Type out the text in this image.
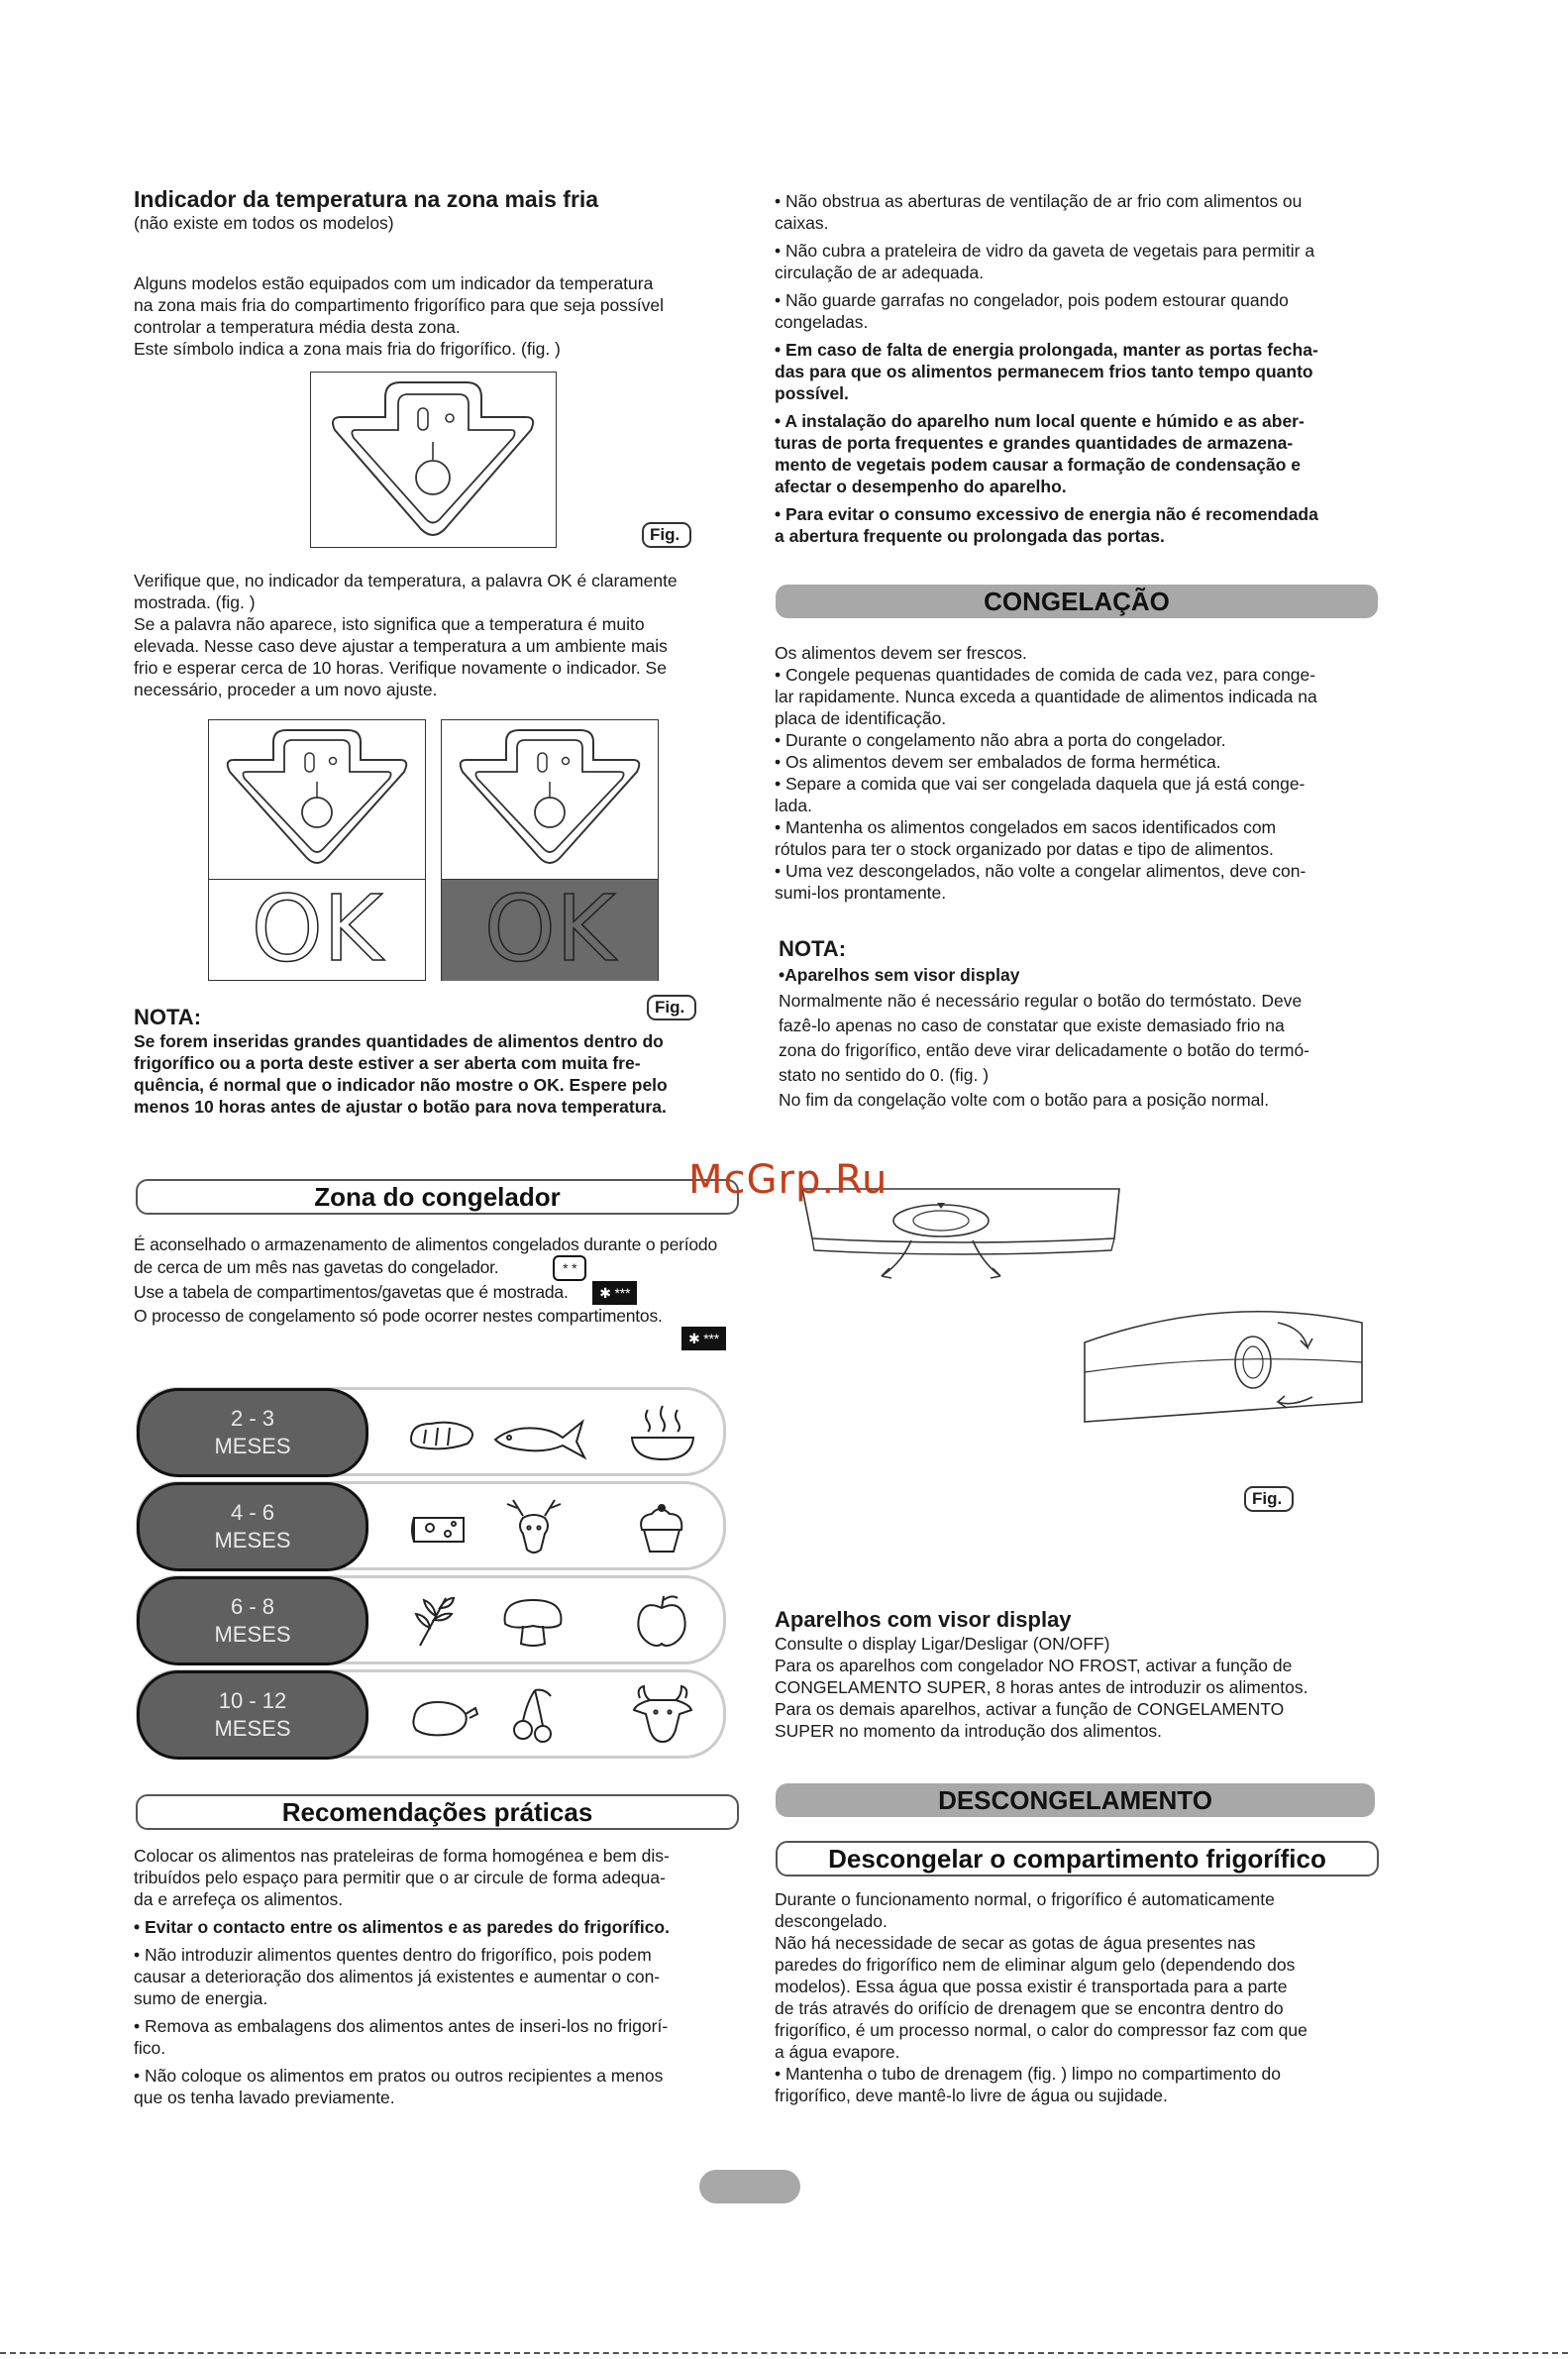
Indicador da temperatura na zona mais fria
(não existe em todos os modelos)

Alguns modelos estão equipados com um indicador da temperatura

na zona mais fria do compartimento frigorífico para que seja possível

controlar a temperatura média desta zona.

Este símbolo indica a zona mais fria do frigorífico. (fig. )

Fig.

Verifique que, no indicador da temperatura, a palavra OK é claramente

mostrada. (fig. )

Se a palavra não aparece, isto significa que a temperatura é muito

elevada. Nesse caso deve ajustar a temperatura a um ambiente mais

frio e esperar cerca de 10 horas. Verifique novamente o indicador. Se

necessário, proceder a um novo ajuste.

OK	OK
Fig.
NOTA:

Se forem inseridas grandes quantidades de alimentos dentro do

frigorífico ou a porta deste estiver a ser aberta com muita fre-

quência, é normal que o indicador não mostre o OK. Espere pelo

menos 10 horas antes de ajustar o botão para nova temperatura.

Zona do congelador

É aconselhado o armazenamento de alimentos congelados durante o período

de cerca de um mês nas gavetas do congelador.	* *

Use a tabela de compartimentos/gavetas que é mostrada. ✱ ***

O processo de congelamento só pode ocorrer nestes compartimentos.

✱ ***

2 - 3
MESES
4 - 6
MESES
6 - 8
MESES
10 - 12
MESES
Recomendações práticas

Colocar os alimentos nas prateleiras de forma homogénea e bem dis-

tribuídos pelo espaço para permitir que o ar circule de forma adequa-

da e arrefeça os alimentos.

• Evitar o contacto entre os alimentos e as paredes do frigorífico.

• Não introduzir alimentos quentes dentro do frigorífico, pois podem

causar a deterioração dos alimentos já existentes e aumentar o con-

sumo de energia.

• Remova as embalagens dos alimentos antes de inseri-los no frigorí-

fico.

• Não coloque os alimentos em pratos ou outros recipientes a menos

que os tenha lavado previamente.

• Não obstrua as aberturas de ventilação de ar frio com alimentos ou

caixas.

• Não cubra a prateleira de vidro da gaveta de vegetais para permitir a

circulação de ar adequada.

• Não guarde garrafas no congelador, pois podem estourar quando

congeladas.

• Em caso de falta de energia prolongada, manter as portas fecha-

das para que os alimentos permanecem frios tanto tempo quanto

possível.

• A instalação do aparelho num local quente e húmido e as aber-

turas de porta frequentes e grandes quantidades de armazena-

mento de vegetais podem causar a formação de condensação e

afectar o desempenho do aparelho.

• Para evitar o consumo excessivo de energia não é recomendada

a abertura frequente ou prolongada das portas.

CONGELAÇÃO

Os alimentos devem ser frescos.

• Congele pequenas quantidades de comida de cada vez, para conge-

lar rapidamente. Nunca exceda a quantidade de alimentos indicada na

placa de identificação.

• Durante o congelamento não abra a porta do congelador.

• Os alimentos devem ser embalados de forma hermética.

• Separe a comida que vai ser congelada daquela que já está conge-

lada.

• Mantenha os alimentos congelados em sacos identificados com

rótulos para ter o stock organizado por datas e tipo de alimentos.

• Uma vez descongelados, não volte a congelar alimentos, deve con-

sumi-los prontamente.

NOTA:
•Aparelhos sem visor display

Normalmente não é necessário regular o botão do termóstato. Deve

fazê-lo apenas no caso de constatar que existe demasiado frio na

zona do frigorífico, então deve virar delicadamente o botão do termó-

stato no sentido do 0. (fig. )

No fim da congelação volte com o botão para a posição normal.

Fig.
Aparelhos com visor display

Consulte o display Ligar/Desligar (ON/OFF)

Para os aparelhos com congelador NO FROST, activar a função de

CONGELAMENTO SUPER, 8 horas antes de introduzir os alimentos.

Para os demais aparelhos, activar a função de CONGELAMENTO

SUPER no momento da introdução dos alimentos.

DESCONGELAMENTO
Descongelar o compartimento frigorífico

Durante o funcionamento normal, o frigorífico é automaticamente

descongelado.

Não há necessidade de secar as gotas de água presentes nas

paredes do frigorífico nem de eliminar algum gelo (dependendo dos

modelos). Essa água que possa existir é transportada para a parte

de trás através do orifício de drenagem que se encontra dentro do

frigorífico, é um processo normal, o calor do compressor faz com que

a água evapore.

• Mantenha o tubo de drenagem (fig. ) limpo no compartimento do

frigorífico, deve mantê-lo livre de água ou sujidade.

McGrp.Ru
